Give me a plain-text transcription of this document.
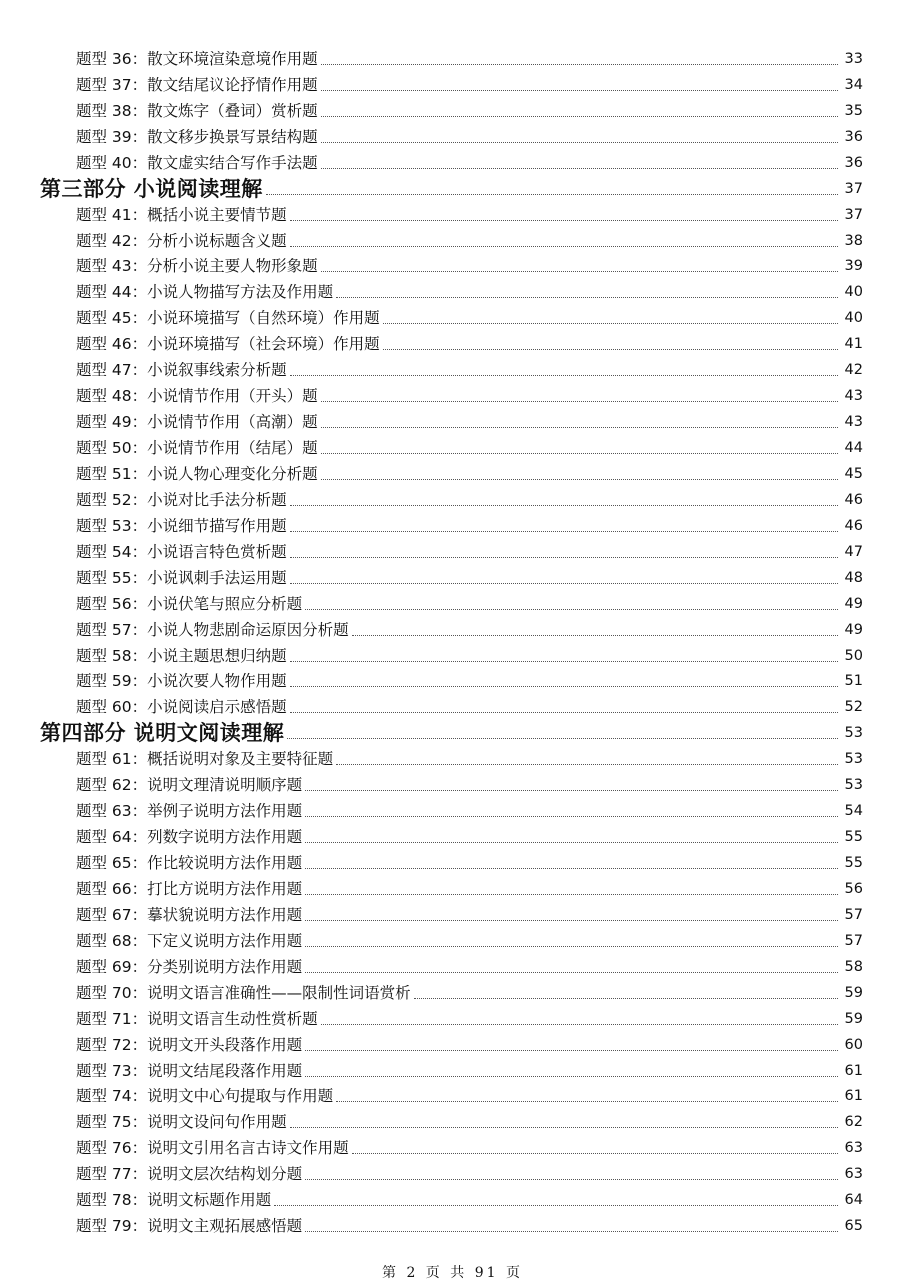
题型 36：散文环境渲染意境作用题	33
题型 37：散文结尾议论抒情作用题	34
题型 38：散文炼字（叠词）赏析题	35
题型 39：散文移步换景写景结构题	36
题型 40：散文虚实结合写作手法题	36
第三部分 小说阅读理解	37
题型 41：概括小说主要情节题	37
题型 42：分析小说标题含义题	38
题型 43：分析小说主要人物形象题	39
题型 44：小说人物描写方法及作用题	40
题型 45：小说环境描写（自然环境）作用题	40
题型 46：小说环境描写（社会环境）作用题	41
题型 47：小说叙事线索分析题	42
题型 48：小说情节作用（开头）题	43
题型 49：小说情节作用（高潮）题	43
题型 50：小说情节作用（结尾）题	44
题型 51：小说人物心理变化分析题	45
题型 52：小说对比手法分析题	46
题型 53：小说细节描写作用题	46
题型 54：小说语言特色赏析题	47
题型 55：小说讽刺手法运用题	48
题型 56：小说伏笔与照应分析题	49
题型 57：小说人物悲剧命运原因分析题	49
题型 58：小说主题思想归纳题	50
题型 59：小说次要人物作用题	51
题型 60：小说阅读启示感悟题	52
第四部分 说明文阅读理解	53
题型 61：概括说明对象及主要特征题	53
题型 62：说明文理清说明顺序题	53
题型 63：举例子说明方法作用题	54
题型 64：列数字说明方法作用题	55
题型 65：作比较说明方法作用题	55
题型 66：打比方说明方法作用题	56
题型 67：摹状貌说明方法作用题	57
题型 68：下定义说明方法作用题	57
题型 69：分类别说明方法作用题	58
题型 70：说明文语言准确性——限制性词语赏析	59
题型 71：说明文语言生动性赏析题	59
题型 72：说明文开头段落作用题	60
题型 73：说明文结尾段落作用题	61
题型 74：说明文中心句提取与作用题	61
题型 75：说明文设问句作用题	62
题型 76：说明文引用名言古诗文作用题	63
题型 77：说明文层次结构划分题	63
题型 78：说明文标题作用题	64
题型 79：说明文主观拓展感悟题	65
第 2 页 共 91 页
